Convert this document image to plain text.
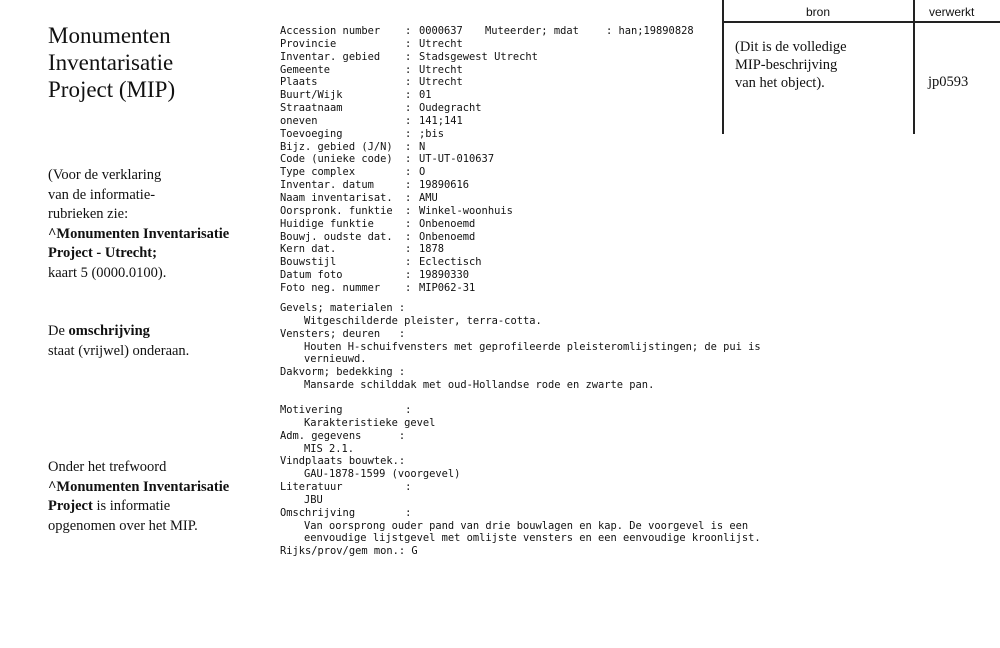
Monumenten
Inventarisatie
Project (MIP)
(Voor de verklaring
van de informatie-
rubrieken zie:
^Monumenten Inventarisatie
Project - Utrecht;
kaart 5 (0000.0100).
De omschrijving
staat (vrijwel) onderaan.
Onder het trefwoord
^Monumenten Inventarisatie
Project is informatie
opgenomen over het MIP.
bron	verwerkt
(Dit is de volledige
MIP-beschrijving
van het object).	jp0593
Muteerder; mdat	: han;19890828
Accession number	: 0000637
Provincie	: Utrecht
Inventar. gebied	: Stadsgewest Utrecht
Gemeente	: Utrecht
Plaats	: Utrecht
Buurt/Wijk	: 01
Straatnaam	: Oudegracht
oneven	: 141;141
Toevoeging	: ;bis
Bijz. gebied (J/N)	: N
Code (unieke code)	: UT-UT-010637
Type complex	: O
Inventar. datum	: 19890616
Naam inventarisat.	: AMU
Oorspronk. funktie	: Winkel-woonhuis
Huidige funktie	: Onbenoemd
Bouwj. oudste dat.	: Onbenoemd
Kern dat.	: 1878
Bouwstijl	: Eclectisch
Datum foto	: 19890330
Foto neg. nummer	: MIP062-31
Gevels; materialen :
Witgeschilderde pleister, terra-cotta.
Vensters; deuren   :
Houten H-schuifvensters met geprofileerde pleisteromlijstingen; de pui is
vernieuwd.
Dakvorm; bedekking :
Mansarde schilddak met oud-Hollandse rode en zwarte pan.
Motivering          :
Karakteristieke gevel
Adm. gegevens      :
MIS 2.1.
Vindplaats bouwtek.:
GAU-1878-1599 (voorgevel)
Literatuur          :
JBU
Omschrijving        :
Van oorsprong ouder pand van drie bouwlagen en kap. De voorgevel is een
eenvoudige lijstgevel met omlijste vensters en een eenvoudige kroonlijst.
Rijks/prov/gem mon.: G
